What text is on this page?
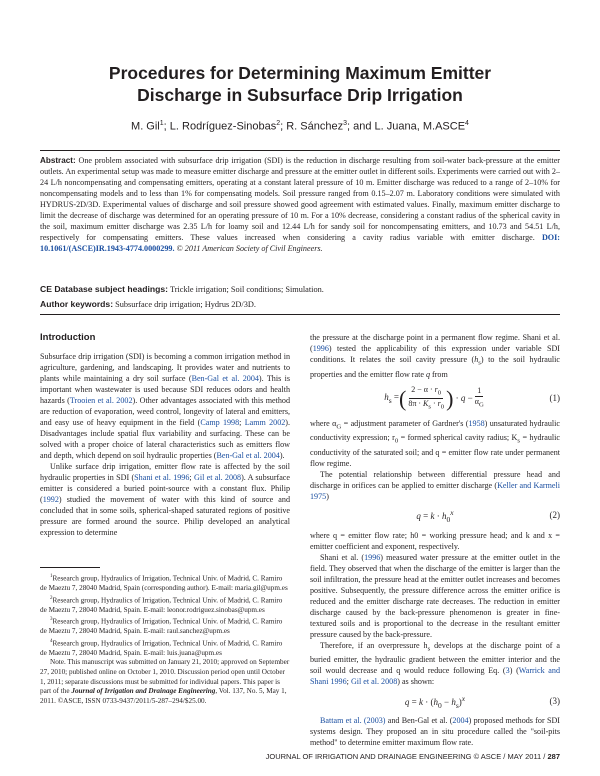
Procedures for Determining Maximum Emitter
Discharge in Subsurface Drip Irrigation
M. Gil$^1$; L. Rodríguez-Sinobas$^2$; R. Sánchez$^3$; and L. Juana, M.ASCE$^4$
Abstract: One problem associated with subsurface drip irrigation (SDI) is the reduction in discharge resulting from soil-water back-pressure at the emitter outlets. An experimental setup was made to measure emitter discharge and pressure at the emitter outlet in different soils. Experiments were carried out with 2–24 L/h noncompensating and compensating emitters, operating at a constant lateral pressure of 10 m. Emitter discharge was reduced to a range of 2–10% for noncompensating models and to less than 1% for compensating models. Soil pressure ranged from 0.15–2.07 m. Laboratory conditions were simulated with HYDRUS-2D/3D. Experimental values of discharge and soil pressure showed good agreement with estimated values. Finally, maximum emitter discharge to limit the decrease of discharge was determined for an operating pressure of 10 m. For a 10% decrease, considering a constant radius of the spherical cavity in the soil, maximum emitter discharge was 2.35 L/h for loamy soil and 12.44 L/h for sandy soil for noncompensating emitters, and 10.73 and 54.51 L/h, respectively for compensating emitters. These values increased when considering a cavity radius variable with emitter discharge. DOI: 10.1061/(ASCE)IR.1943-4774.0000299. © 2011 American Society of Civil Engineers.
CE Database subject headings: Trickle irrigation; Soil conditions; Simulation.
Author keywords: Subsurface drip irrigation; Hydrus 2D/3D.
Introduction

Subsurface drip irrigation (SDI) is becoming a common irrigation method in agriculture, gardening, and landscaping. It provides water and nutrients to plants while maintaining a dry soil surface (Ben-Gal et al. 2004). This is important when wastewater is used because SDI reduces odors and health hazards (Trooien et al. 2002). Other advantages associated with this method are reduction of evaporation, weed control, longevity of lateral and emitters, and easy use of heavy equipment in the field (Camp 1998; Lamm 2002). Disadvantages include spatial flux variability and surfacing. These can be solved with a proper choice of lateral characteristics such as emitters flow and depth, which depend on soil hydraulic properties (Ben-Gal et al. 2004).

Unlike surface drip irrigation, emitter flow rate is affected by the soil hydraulic properties in SDI (Shani et al. 1996; Gil et al. 2008). A subsurface emitter is considered a buried point-source with a constant flux. Philip (1992) studied the movement of water with this kind of source and concluded that in some soils, spherical-shaped saturated regions of positive pressure are formed around the source. Philip developed an analytical expression to determine

$^1$Research group, Hydraulics of Irrigation, Technical Univ. of Madrid, C. Ramiro de Maeztu 7, 28040 Madrid, Spain (corresponding author). E-mail: maria.gil@upm.es

$^2$Research group, Hydraulics of Irrigation, Technical Univ. of Madrid, C. Ramiro de Maeztu 7, 28040 Madrid, Spain. E-mail: leonor.rodriguez.sinobas@upm.es

$^3$Research group, Hydraulics of Irrigation, Technical Univ. of Madrid, C. Ramiro de Maeztu 7, 28040 Madrid, Spain. E-mail: raul.sanchez@upm.es

$^4$Research group, Hydraulics of Irrigation, Technical Univ. of Madrid, C. Ramiro de Maeztu 7, 28040 Madrid, Spain. E-mail: luis.juana@upm.es

Note. This manuscript was submitted on January 21, 2010; approved on September 27, 2010; published online on October 1, 2010. Discussion period open until October 1, 2011; separate discussions must be submitted for individual papers. This paper is part of the Journal of Irrigation and Drainage Engineering, Vol. 137, No. 5, May 1, 2011. ©ASCE, ISSN 0733-9437/2011/5-287–294/$25.00.

the pressure at the discharge point in a permanent flow regime. Shani et al. (1996) tested the applicability of this expression under variable SDI conditions. It relates the soil cavity pressure $(h_s)$ to the soil hydraulic properties and the emitter flow rate q from

$h_s$ = ( $\frac{2 - \alpha \cdot r_0}{8\pi \cdot K_s \cdot r_0}$ ) · $q - \frac{1}{\alpha_G}$	(1)

where $\alpha_G$ = adjustment parameter of Gardner's (1958) unsaturated hydraulic conductivity expression; $r_0$ = formed spherical cavity radius; $K_s$ = hydraulic conductivity of the saturated soil; and q = emitter flow rate under permanent flow regime.

The potential relationship between differential pressure head and discharge in orifices can be applied to emitter discharge (Keller and Karmeli 1975)

$q = k \cdot h_0^x$	(2)

where q = emitter flow rate; h0 = working pressure head; and k and x = emitter coefficient and exponent, respectively.

Shani et al. (1996) measured water pressure at the emitter outlet in the field. They observed that when the discharge of the emitter is larger than the soil infiltration, the pressure head at the emitter outlet increases and becomes positive. Subsequently, the pressure difference across the emitter orifice is reduced and the emitter discharge rate decreases. The reduction in emitter discharge caused by the back-pressure phenomenon is greater in fine-textured soils and is proportional to the decrease in the resultant emitter pressure caused by the back-pressure.

Therefore, if an overpressure $h_s$ develops at the discharge point of a buried emitter, the hydraulic gradient between the emitter interior and the soil would decrease and q would reduce following Eq. (3) (Warrick and Shani 1996; Gil et al. 2008) as shown:

$q = k \cdot (h_0 - h_s)^x$	(3)

Battam et al. (2003) and Ben-Gal et al. (2004) proposed methods for SDI systems design. They proposed an in situ procedure called the "soil-pits method" to determine emitter maximum flow rate.

JOURNAL OF IRRIGATION AND DRAINAGE ENGINEERING © ASCE / MAY 2011 / 287
